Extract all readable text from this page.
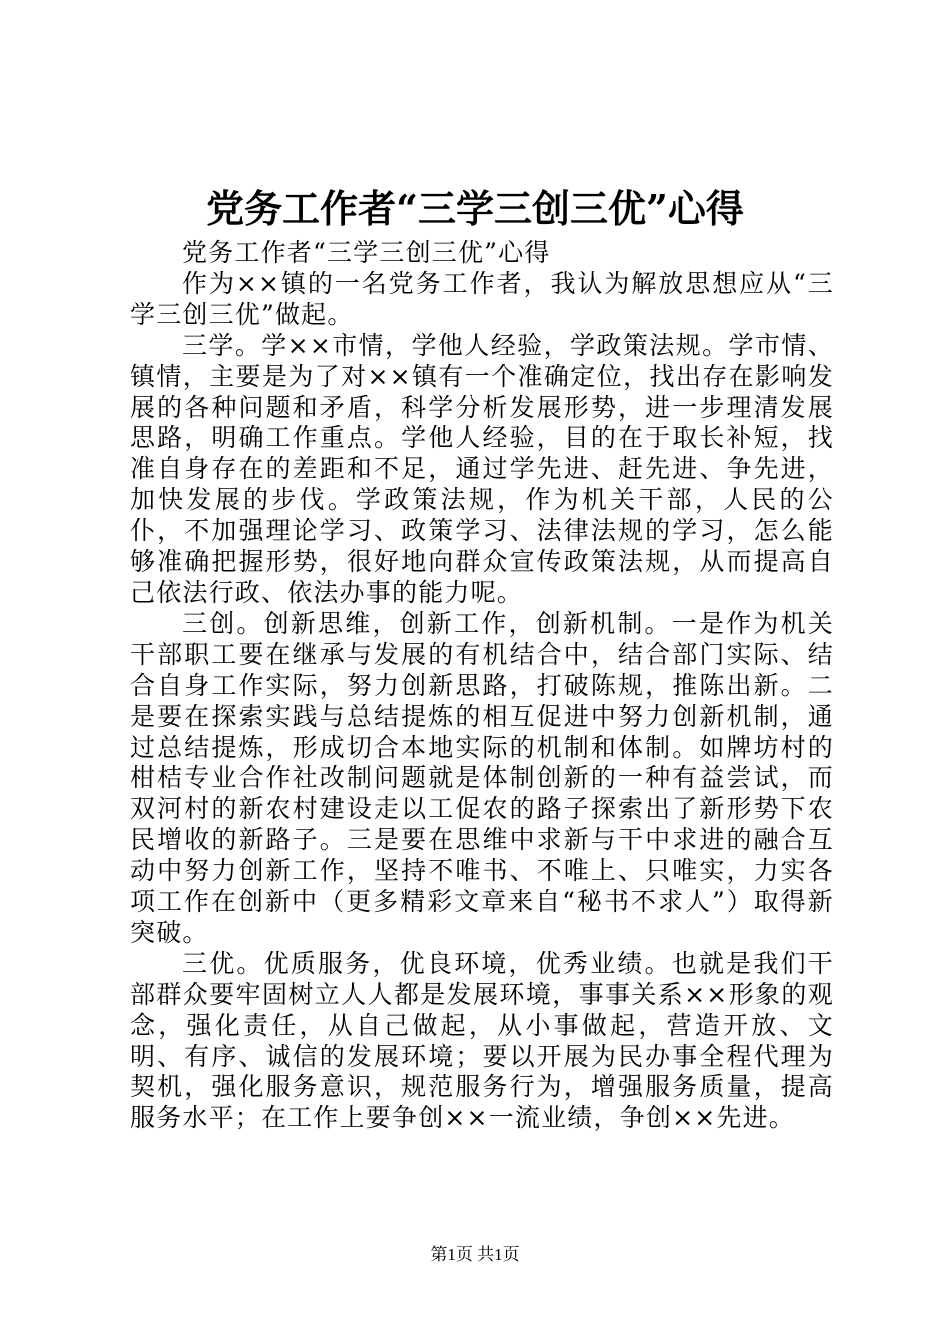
党务工作者“三学三创三优”心得

党务工作者“三学三创三优”心得

作为××镇的一名党务工作者，我认为解放思想应从“三学三创三优”做起。

三学。学××市情，学他人经验，学政策法规。学市情、镇情，主要是为了对××镇有一个准确定位，找出存在影响发展的各种问题和矛盾，科学分析发展形势，进一步理清发展思路，明确工作重点。学他人经验，目的在于取长补短，找准自身存在的差距和不足，通过学先进、赶先进、争先进，加快发展的步伐。学政策法规，作为机关干部，人民的公仆，不加强理论学习、政策学习、法律法规的学习，怎么能够准确把握形势，很好地向群众宣传政策法规，从而提高自己依法行政、依法办事的能力呢。

三创。创新思维，创新工作，创新机制。一是作为机关干部职工要在继承与发展的有机结合中，结合部门实际、结合自身工作实际，努力创新思路，打破陈规，推陈出新。二是要在探索实践与总结提炼的相互促进中努力创新机制，通过总结提炼，形成切合本地实际的机制和体制。如牌坊村的柑桔专业合作社改制问题就是体制创新的一种有益尝试，而双河村的新农村建设走以工促农的路子探索出了新形势下农民增收的新路子。三是要在思维中求新与干中求进的融合互动中努力创新工作，坚持不唯书、不唯上、只唯实，力实各项工作在创新中（更多精彩文章来自“秘书不求人”）取得新突破。

三优。优质服务，优良环境，优秀业绩。也就是我们干部群众要牢固树立人人都是发展环境，事事关系××形象的观念，强化责任，从自己做起，从小事做起，营造开放、文明、有序、诚信的发展环境；要以开展为民办事全程代理为契机，强化服务意识，规范服务行为，增强服务质量，提高服务水平；在工作上要争创××一流业绩，争创××先进。

第1页 共1页
